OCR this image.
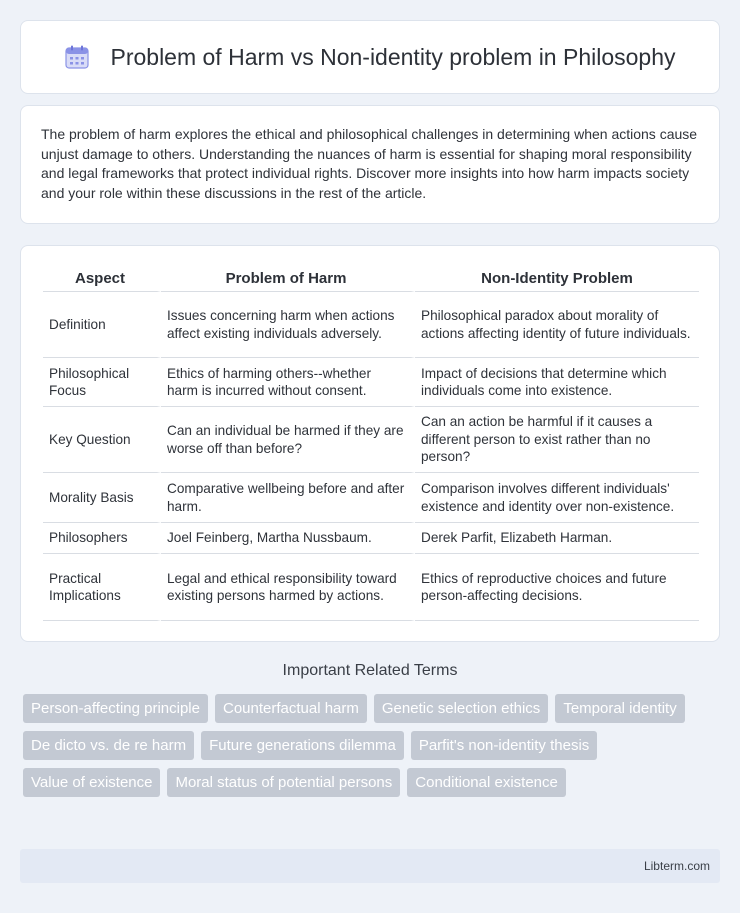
Problem of Harm vs Non-identity problem in Philosophy

The problem of harm explores the ethical and philosophical challenges in determining when actions cause unjust damage to others. Understanding the nuances of harm is essential for shaping moral responsibility and legal frameworks that protect individual rights. Discover more insights into how harm impacts society and your role within these discussions in the rest of the article.

Aspect	Problem of Harm	Non-Identity Problem
Definition	Issues concerning harm when actions affect existing individuals adversely.	Philosophical paradox about morality of actions affecting identity of future individuals.
Philosophical Focus	Ethics of harming others--whether harm is incurred without consent.	Impact of decisions that determine which individuals come into existence.
Key Question	Can an individual be harmed if they are worse off than before?	Can an action be harmful if it causes a different person to exist rather than no person?
Morality Basis	Comparative wellbeing before and after harm.	Comparison involves different individuals' existence and identity over non-existence.
Philosophers	Joel Feinberg, Martha Nussbaum.	Derek Parfit, Elizabeth Harman.
Practical Implications	Legal and ethical responsibility toward existing persons harmed by actions.	Ethics of reproductive choices and future person-affecting decisions.
Important Related Terms
Person-affecting principle	Counterfactual harm	Genetic selection ethics	Temporal identity
De dicto vs. de re harm	Future generations dilemma	Parfit's non-identity thesis
Value of existence	Moral status of potential persons	Conditional existence
Libterm.com
